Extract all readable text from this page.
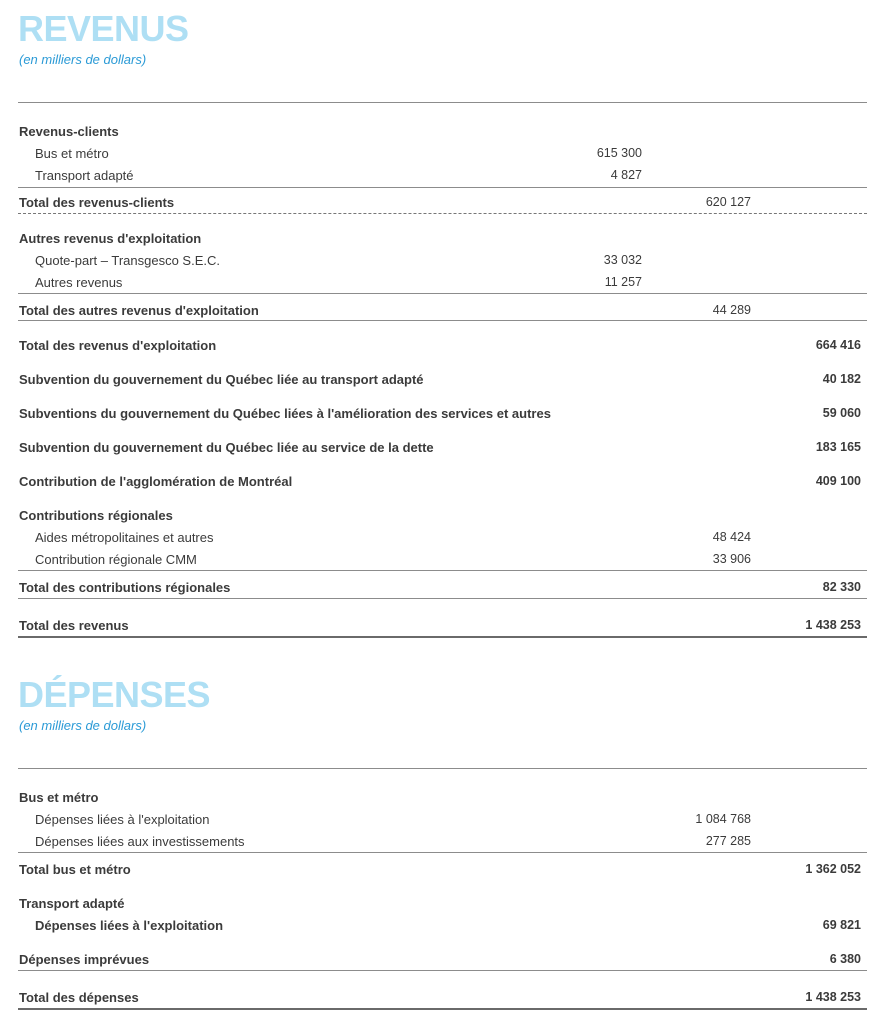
REVENUS
(en milliers de dollars)
Revenus-clients
Bus et métro	615 300
Transport adapté	4 827
Total des revenus-clients	620 127
Autres revenus d'exploitation
Quote-part – Transgesco S.E.C.	33 032
Autres revenus	11 257
Total des autres revenus d'exploitation	44 289
Total des revenus d'exploitation	664 416
Subvention du gouvernement du Québec liée au transport adapté	40 182
Subventions du gouvernement du Québec liées à l'amélioration des services et autres	59 060
Subvention du gouvernement du Québec liée au service de la dette	183 165
Contribution de l'agglomération de Montréal	409 100
Contributions régionales
Aides métropolitaines et autres	48 424
Contribution régionale CMM	33 906
Total des contributions régionales	82 330
Total des revenus	1 438 253
DÉPENSES
(en milliers de dollars)
Bus et métro
Dépenses liées à l'exploitation	1 084 768
Dépenses liées aux investissements	277 285
Total bus et métro	1 362 052
Transport adapté
Dépenses liées à l'exploitation	69 821
Dépenses imprévues	6 380
Total des dépenses	1 438 253
